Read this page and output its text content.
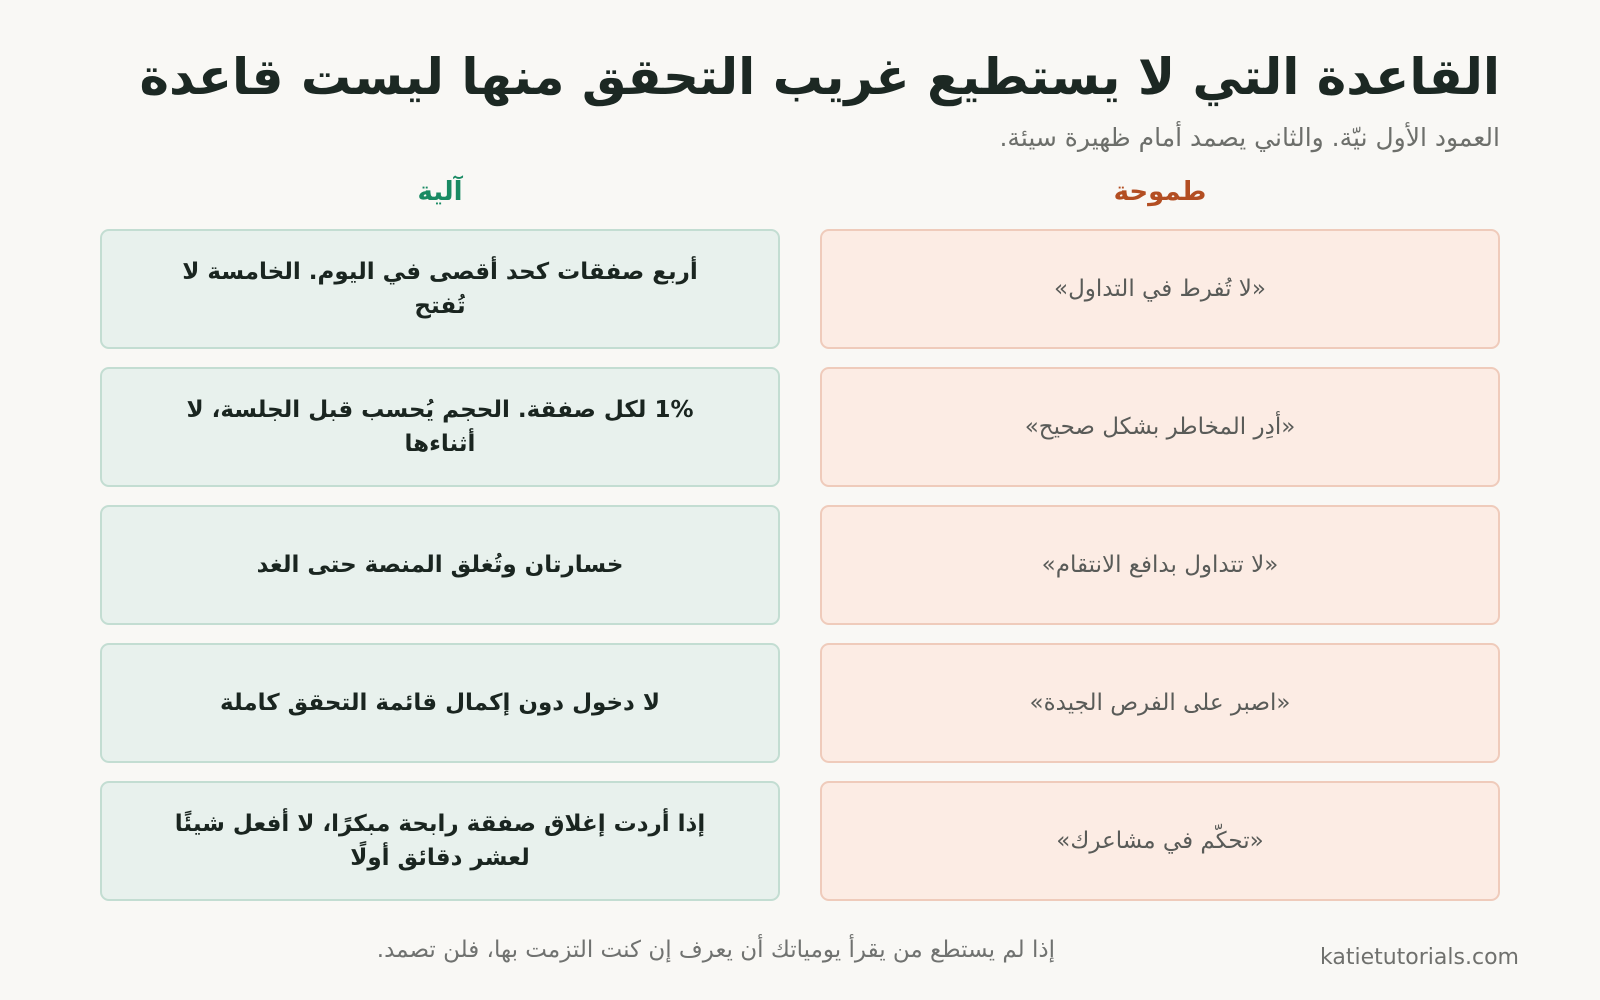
القاعدة التي لا يستطيع غريب التحقق منها ليست قاعدة

العمود الأول نيّة. والثاني يصمد أمام ظهيرة سيئة.

طموحة
آلية
«لا تُفرط في التداول»
أربع صفقات كحد أقصى في اليوم. الخامسة لا تُفتح
«أدِر المخاطر بشكل صحيح»
1% لكل صفقة. الحجم يُحسب قبل الجلسة، لا أثناءها
«لا تتداول بدافع الانتقام»
خسارتان وتُغلق المنصة حتى الغد
«اصبر على الفرص الجيدة»
لا دخول دون إكمال قائمة التحقق كاملة
«تحكّم في مشاعرك»
إذا أردت إغلاق صفقة رابحة مبكرًا، لا أفعل شيئًا لعشر دقائق أولًا

إذا لم يستطع من يقرأ يومياتك أن يعرف إن كنت التزمت بها، فلن تصمد.	katietutorials.com
